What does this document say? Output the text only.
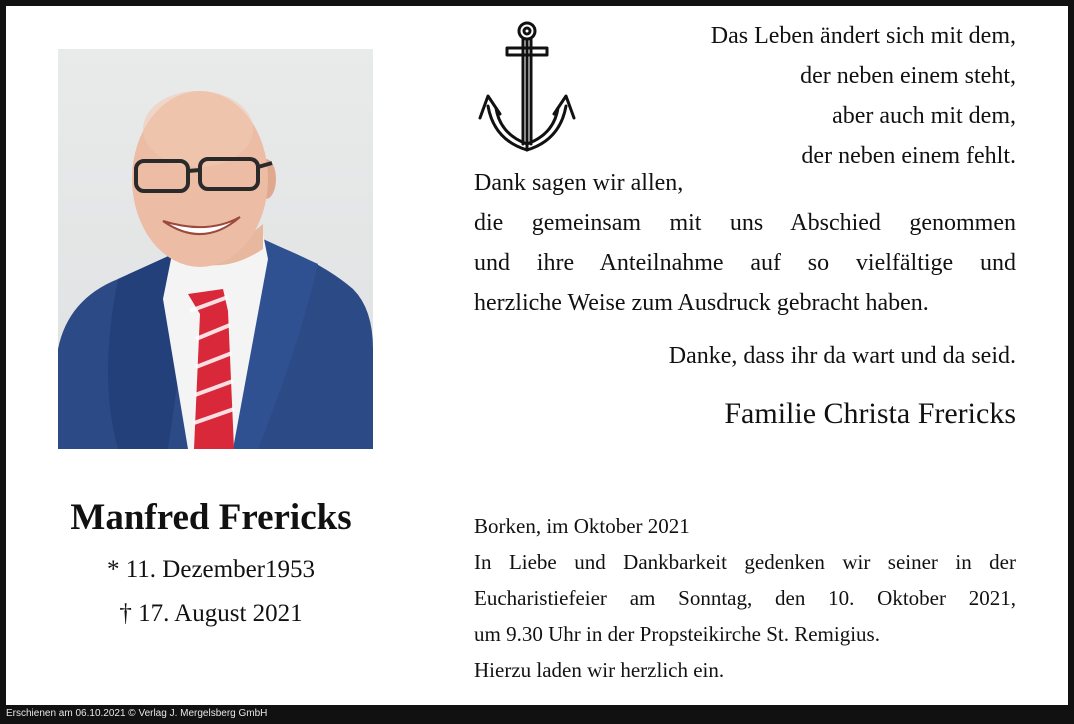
Das Leben ändert sich mit dem,
der neben einem steht,
aber auch mit dem,
der neben einem fehlt.
Dank sagen wir allen,
die gemeinsam mit uns Abschied genommen
und ihre Anteilnahme auf so vielfältige und
herzliche Weise zum Ausdruck gebracht haben.
Danke, dass ihr da wart und da seid.
Familie Christa Frericks
Manfred Frericks
* 11. Dezember1953
† 17. August 2021
Borken, im Oktober 2021
In Liebe und Dankbarkeit gedenken wir seiner in der
Eucharistiefeier am Sonntag, den 10. Oktober 2021,
um 9.30 Uhr in der Propsteikirche St. Remigius.
Hierzu laden wir herzlich ein.
Erschienen am 06.10.2021 © Verlag J. Mergelsberg GmbH
